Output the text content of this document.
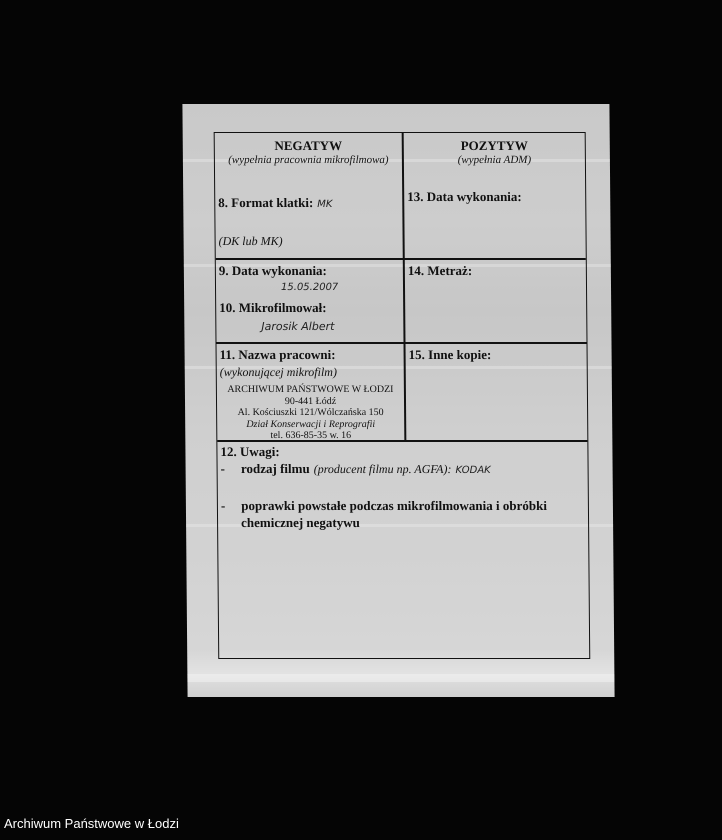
NEGATYW
(wypełnia pracownia mikrofilmowa)
8. Format klatki: MK
(DK lub MK)
POZYTYW
(wypełnia ADM)
13. Data wykonania:
9. Data wykonania:
15.05.2007
10. Mikrofilmował:
Jarosik Albert
14. Metraż:
11. Nazwa pracowni:
(wykonującej mikrofilm)
ARCHIWUM PAŃSTWOWE W ŁODZI
90-441 Łódź
Al. Kościuszki 121/Wólczańska 150
Dział Konserwacji i Reprografii
tel. 636-85-35 w. 16
15. Inne kopie:
12. Uwagi:
- rodzaj filmu (producent filmu np. AGFA): KODAK
- poprawki powstałe podczas mikrofilmowania i obróbki
chemicznej negatywu
Archiwum Państwowe w Łodzi
